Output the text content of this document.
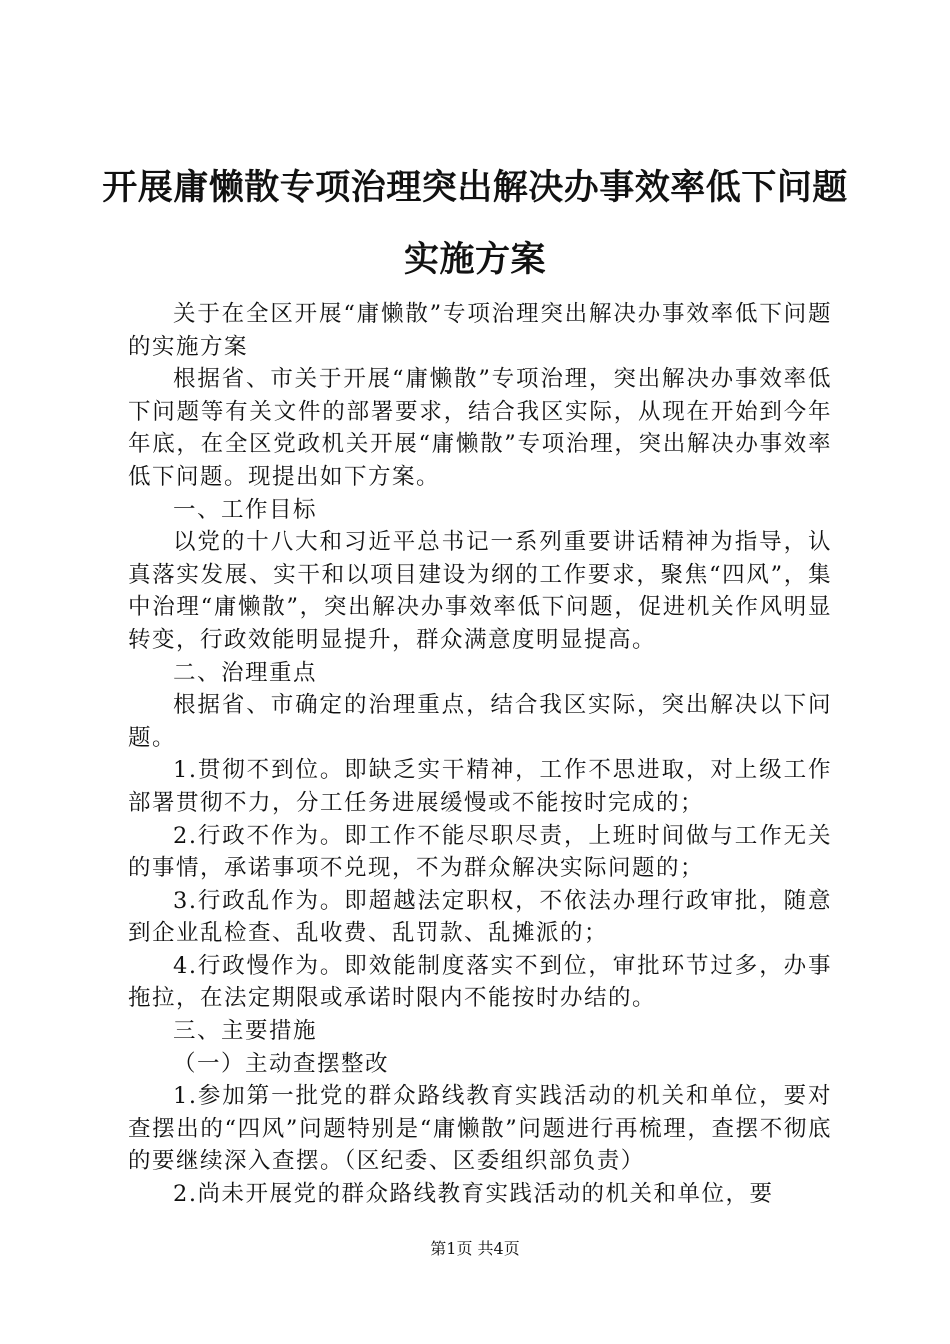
开展庸懒散专项治理突出解决办事效率低下问题实施方案

关于在全区开展“庸懒散”专项治理突出解决办事效率低下问题的实施方案

根据省、市关于开展“庸懒散”专项治理，突出解决办事效率低下问题等有关文件的部署要求，结合我区实际，从现在开始到今年年底，在全区党政机关开展“庸懒散”专项治理，突出解决办事效率低下问题。现提出如下方案。

一、工作目标

以党的十八大和习近平总书记一系列重要讲话精神为指导，认真落实发展、实干和以项目建设为纲的工作要求，聚焦“四风”，集中治理“庸懒散”，突出解决办事效率低下问题，促进机关作风明显转变，行政效能明显提升，群众满意度明显提高。

二、治理重点

根据省、市确定的治理重点，结合我区实际，突出解决以下问题。

1.贯彻不到位。即缺乏实干精神，工作不思进取，对上级工作部署贯彻不力，分工任务进展缓慢或不能按时完成的；

2.行政不作为。即工作不能尽职尽责，上班时间做与工作无关的事情，承诺事项不兑现，不为群众解决实际问题的；

3.行政乱作为。即超越法定职权，不依法办理行政审批，随意到企业乱检查、乱收费、乱罚款、乱摊派的；

4.行政慢作为。即效能制度落实不到位，审批环节过多，办事拖拉，在法定期限或承诺时限内不能按时办结的。

三、主要措施

（一）主动查摆整改

1.参加第一批党的群众路线教育实践活动的机关和单位，要对查摆出的“四风”问题特别是“庸懒散”问题进行再梳理，查摆不彻底的要继续深入查摆。（区纪委、区委组织部负责）

2.尚未开展党的群众路线教育实践活动的机关和单位，要

第1页 共4页
